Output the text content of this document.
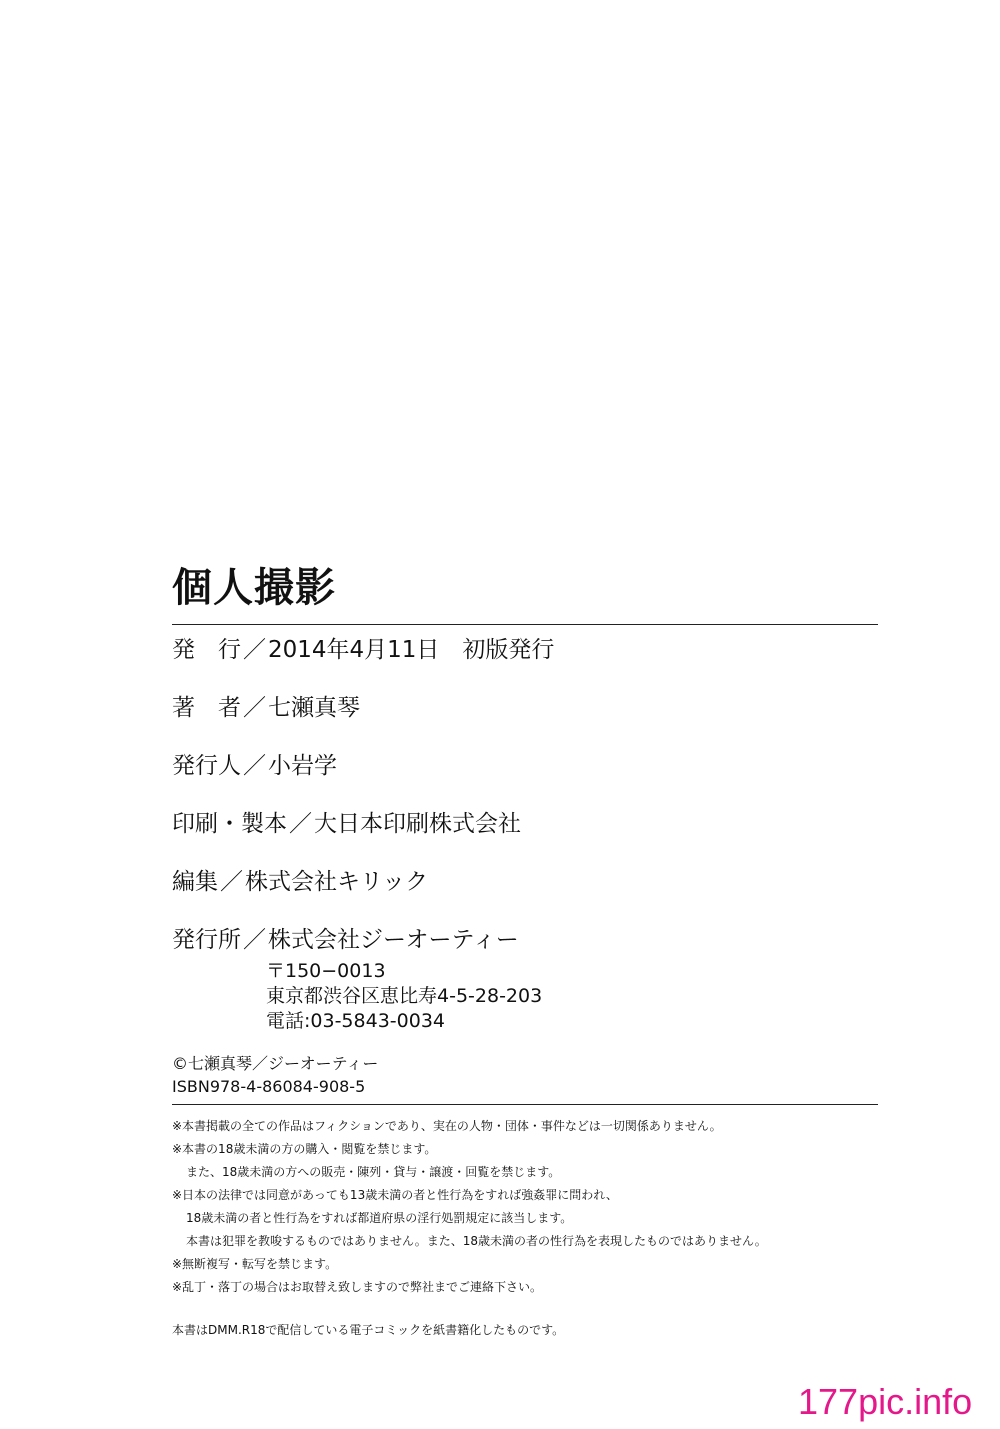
個人撮影
発　行／2014年4月11日　初版発行
著　者／七瀬真琴
発行人／小岩学
印刷・製本／大日本印刷株式会社
編集／株式会社キリック
発行所／株式会社ジーオーティー
〒150−0013
東京都渋谷区恵比寿4-5-28-203
電話:03-5843-0034
©七瀬真琴／ジーオーティー
ISBN978-4-86084-908-5
※本書掲載の全ての作品はフィクションであり、実在の人物・団体・事件などは一切関係ありません。
※本書の18歳未満の方の購入・閲覧を禁じます。
また、18歳未満の方への販売・陳列・貸与・譲渡・回覧を禁じます。
※日本の法律では同意があっても13歳未満の者と性行為をすれば強姦罪に問われ、
18歳未満の者と性行為をすれば都道府県の淫行処罰規定に該当します。
本書は犯罪を教唆するものではありません。また、18歳未満の者の性行為を表現したものではありません。
※無断複写・転写を禁じます。
※乱丁・落丁の場合はお取替え致しますので弊社までご連絡下さい。
本書はDMM.R18で配信している電子コミックを紙書籍化したものです。
177pic.info
